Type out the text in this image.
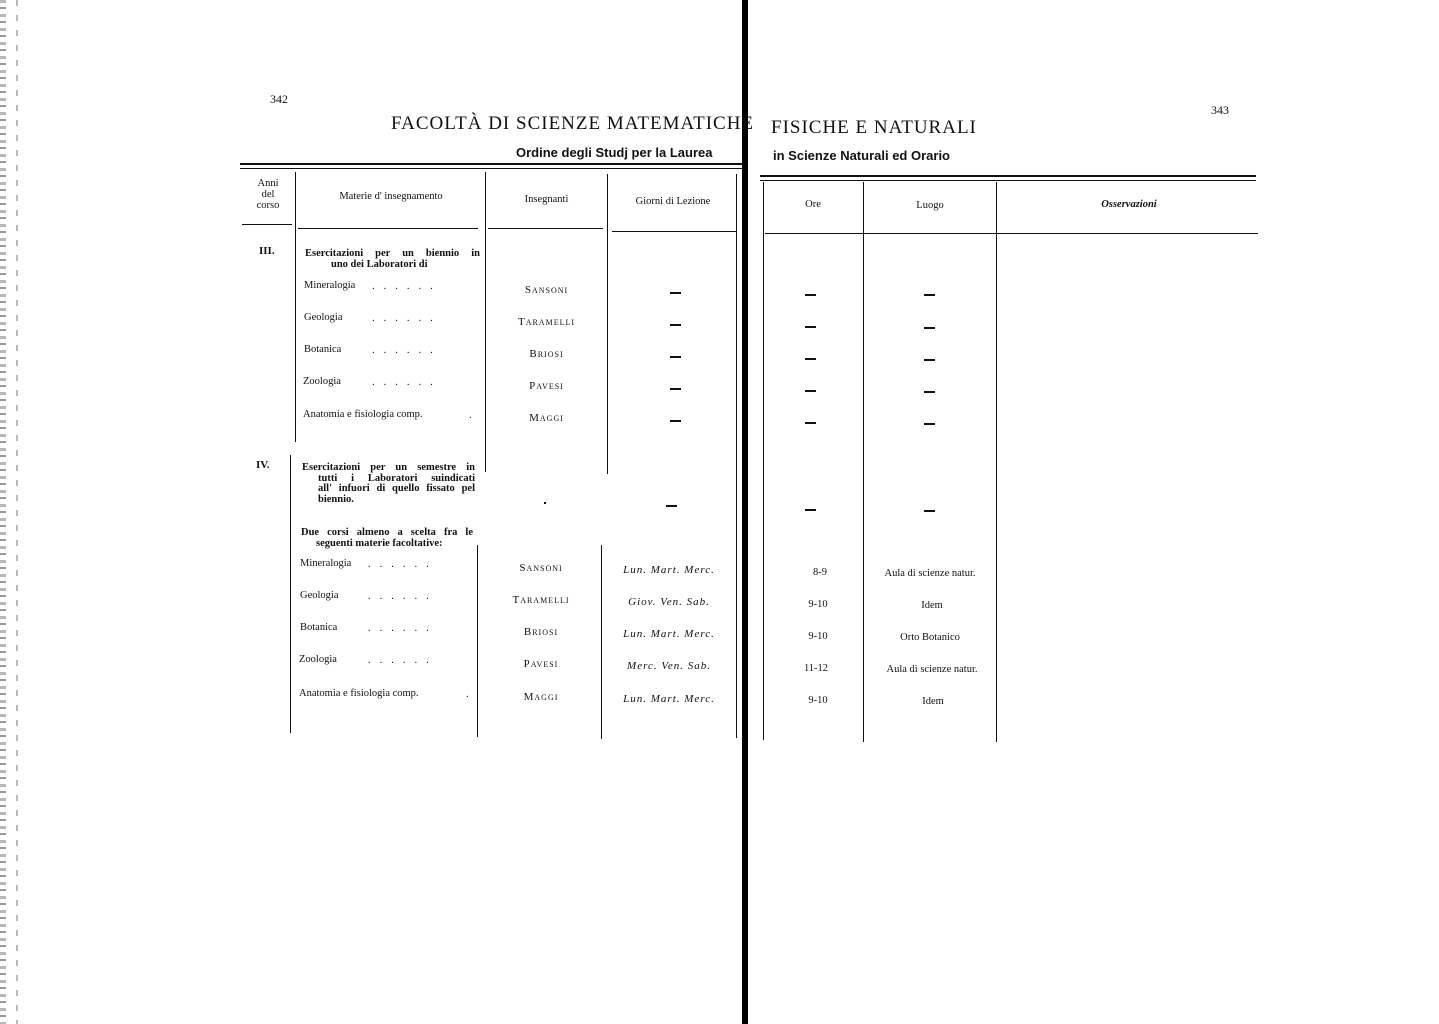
342
343
FACOLTÀ DI SCIENZE MATEMATICHE FISICHE E NATURALI
Ordine degli Studj per la Laurea	in Scienze Naturali ed Orario
Anni
del
corso
Materie d' insegnamento	Insegnanti	Giorni di Lezione	Ore	Luogo	Osservazioni
III.	Esercitazioni per un biennio in
uno dei Laboratori di
Mineralogia ......	Sansoni
Geologia	......	Taramelli
Botanica	......	Briosi
Zoologia	......	Pavesi
Anatomia e fisiologia comp.	.	Maggi
IV.	Esercitazioni per un semestre in
tutti i Laboratori suindicati
all' infuori di quello fissato pel
biennio.
Due corsi almeno a scelta fra le
seguenti materie facoltative:
Mineralogia ......	Sansoni	Lun. Mart. Merc.	8-9	Aula di scienze natur.
Geologia	......	Taramelli	Giov. Ven. Sab.	9-10	Idem
Botanica	......	Briosi	Lun. Mart. Merc.	9-10	Orto Botanico
Zoologia	......	Pavesi	Merc. Ven. Sab.	11-12	Aula di scienze natur.
Anatomia e fisiologia comp.	.	Maggi	Lun. Mart. Merc.	9-10	Idem
